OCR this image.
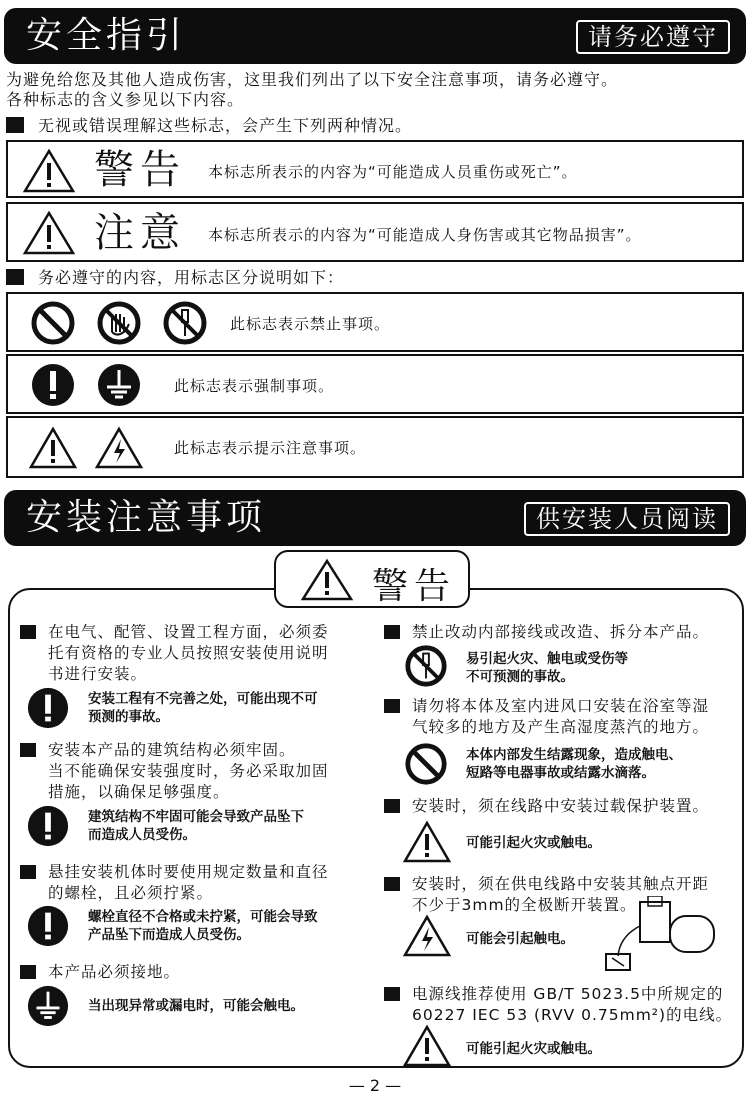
安全指引	请务必遵守
为避免给您及其他人造成伤害，这里我们列出了以下安全注意事项，请务必遵守。
各种标志的含义参见以下内容。
无视或错误理解这些标志，会产生下列两种情况。
警告 本标志所表示的内容为“可能造成人员重伤或死亡”。
注意 本标志所表示的内容为“可能造成人身伤害或其它物品损害”。
务必遵守的内容，用标志区分说明如下：
此标志表示禁止事项。
此标志表示强制事项。
此标志表示提示注意事项。
安装注意事项	供安装人员阅读
警告
在电气、配管、设置工程方面，必须委
托有资格的专业人员按照安装使用说明
书进行安装。
安装工程有不完善之处，可能出现不可
预测的事故。
安装本产品的建筑结构必须牢固。
当不能确保安装强度时，务必采取加固
措施，以确保足够强度。
建筑结构不牢固可能会导致产品坠下
而造成人员受伤。
悬挂安装机体时要使用规定数量和直径
的螺栓，且必须拧紧。
螺栓直径不合格或未拧紧，可能会导致
产品坠下而造成人员受伤。
本产品必须接地。
当出现异常或漏电时，可能会触电。
禁止改动内部接线或改造、拆分本产品。
易引起火灾、触电或受伤等
不可预测的事故。
请勿将本体及室内进风口安装在浴室等湿
气较多的地方及产生高湿度蒸汽的地方。
本体内部发生结露现象，造成触电、
短路等电器事故或结露水滴落。
安装时，须在线路中安装过载保护装置。
可能引起火灾或触电。
安装时，须在供电线路中安装其触点开距
不少于3mm的全极断开装置。
可能会引起触电。
电源线推荐使用 GB/T 5023.5中所规定的
60227 IEC 53 (RVV 0.75mm²)的电线。
可能引起火灾或触电。
— 2 —
